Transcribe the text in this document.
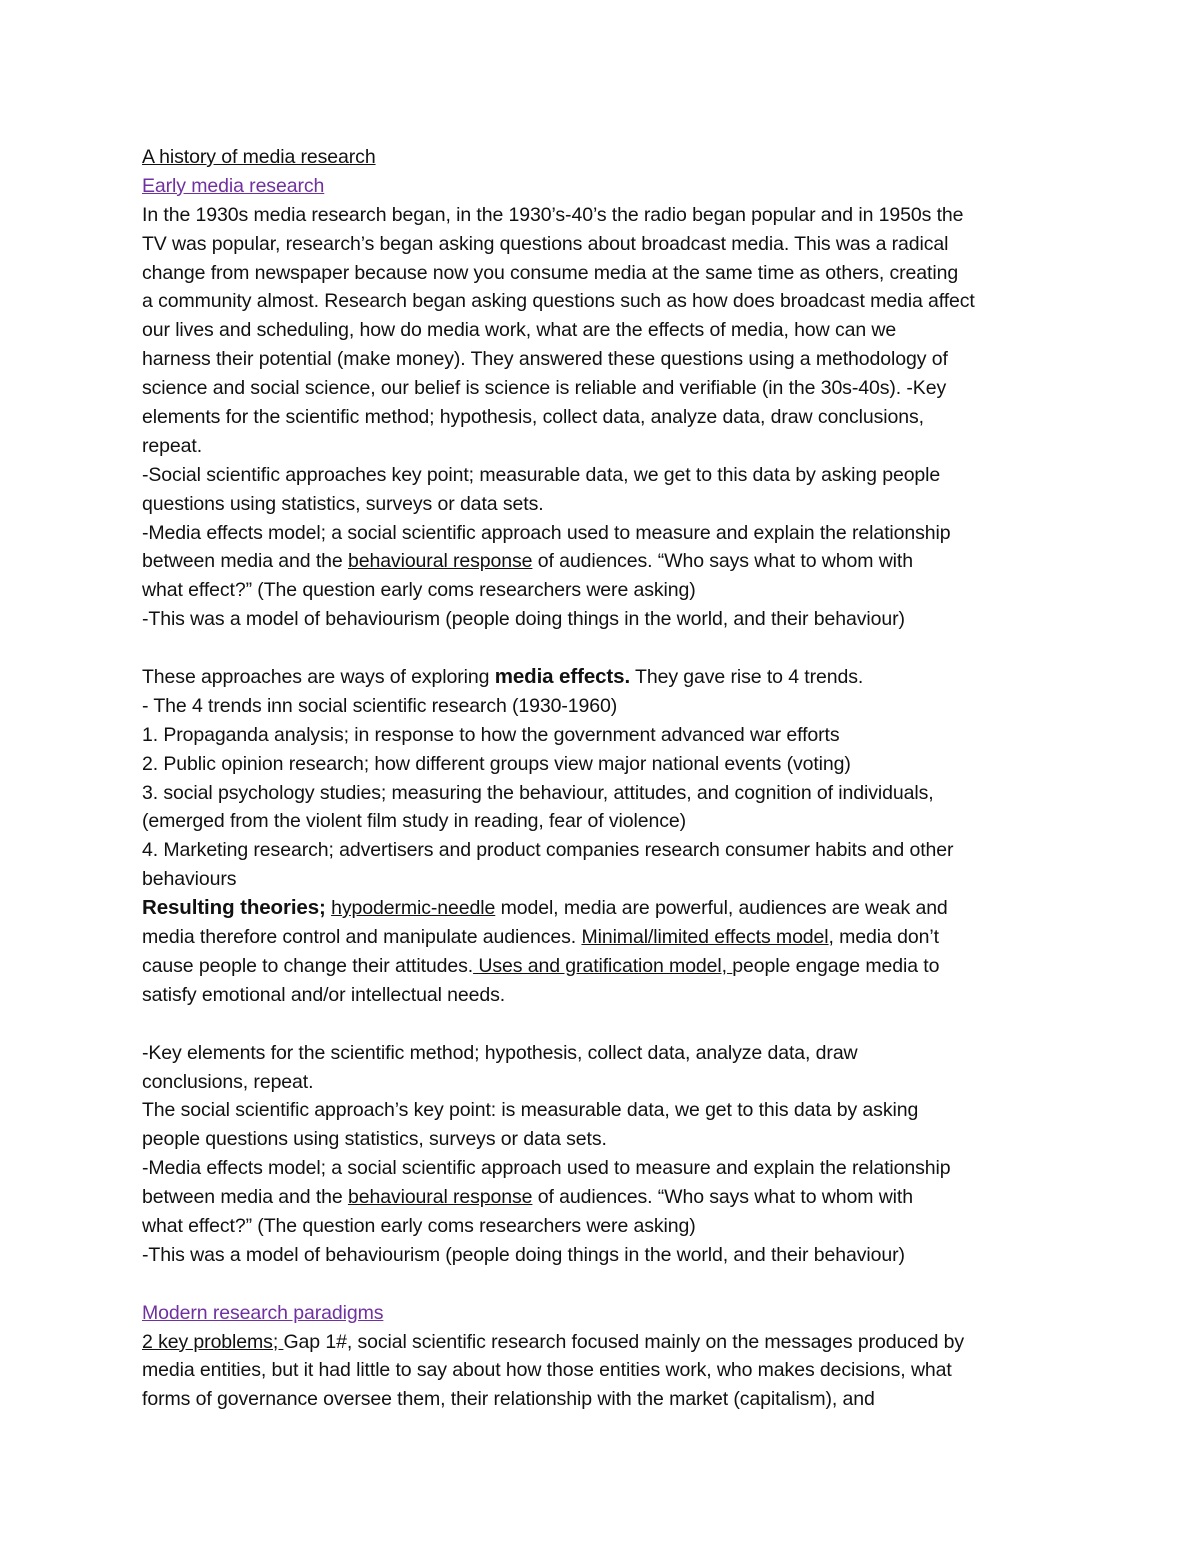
A history of media research
Early media research
In the 1930s media research began, in the 1930’s-40’s the radio began popular and in 1950s the
TV was popular, research’s began asking questions about broadcast media. This was a radical
change from newspaper because now you consume media at the same time as others, creating
a community almost. Research began asking questions such as how does broadcast media affect
our lives and scheduling, how do media work, what are the effects of media, how can we
harness their potential (make money). They answered these questions using a methodology of
science and social science, our belief is science is reliable and verifiable (in the 30s-40s). -Key
elements for the scientific method; hypothesis, collect data, analyze data, draw conclusions,
repeat.
-Social scientific approaches key point; measurable data, we get to this data by asking people
questions using statistics, surveys or data sets.
-Media effects model; a social scientific approach used to measure and explain the relationship
between media and the behavioural response of audiences. “Who says what to whom with
what effect?” (The question early coms researchers were asking)
-This was a model of behaviourism (people doing things in the world, and their behaviour)
These approaches are ways of exploring media effects. They gave rise to 4 trends.
- The 4 trends inn social scientific research (1930-1960)
1. Propaganda analysis; in response to how the government advanced war efforts
2. Public opinion research; how different groups view major national events (voting)
3. social psychology studies; measuring the behaviour, attitudes, and cognition of individuals,
(emerged from the violent film study in reading, fear of violence)
4. Marketing research; advertisers and product companies research consumer habits and other
behaviours
Resulting theories; hypodermic-needle model, media are powerful, audiences are weak and
media therefore control and manipulate audiences. Minimal/limited effects model, media don’t
cause people to change their attitudes. Uses and gratification model, people engage media to
satisfy emotional and/or intellectual needs.
-Key elements for the scientific method; hypothesis, collect data, analyze data, draw
conclusions, repeat.
The social scientific approach’s key point: is measurable data, we get to this data by asking
people questions using statistics, surveys or data sets.
-Media effects model; a social scientific approach used to measure and explain the relationship
between media and the behavioural response of audiences. “Who says what to whom with
what effect?” (The question early coms researchers were asking)
-This was a model of behaviourism (people doing things in the world, and their behaviour)
Modern research paradigms
2 key problems; Gap 1#, social scientific research focused mainly on the messages produced by
media entities, but it had little to say about how those entities work, who makes decisions, what
forms of governance oversee them, their relationship with the market (capitalism), and
